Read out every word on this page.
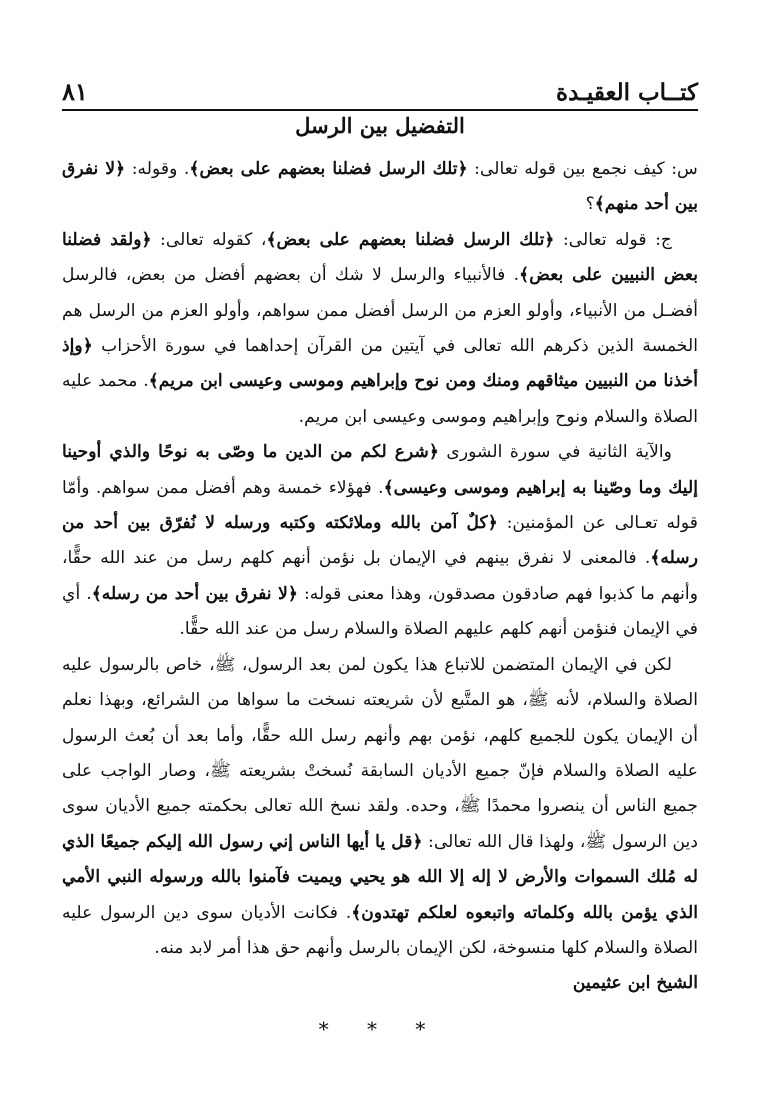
كتــاب العقيـدة
٨١
التفضيل بين الرسل

س: كيف نجمع بين قوله تعالى: ﴿تلك الرسل فضلنا بعضهم على بعض﴾. وقوله: ﴿لا نفرق بين أحد منهم﴾؟

ج: قوله تعالى: ﴿تلك الرسل فضلنا بعضهم على بعض﴾، كقوله تعالى: ﴿ولقد فضلنا بعض النبيين على بعض﴾. فالأنبياء والرسل لا شك أن بعضهم أفضل من بعض، فالرسل أفضـل من الأنبياء، وأولو العزم من الرسل أفضل ممن سواهم، وأولو العزم من الرسل هم الخمسة الذين ذكرهم الله تعالى في آيتين من القرآن إحداهما في سورة الأحزاب ﴿وإذ أخذنا من النبيين ميثاقهم ومنك ومن نوح وإبراهيم وموسى وعيسى ابن مريم﴾. محمد عليه الصلاة والسلام ونوح وإبراهيم وموسى وعيسى ابن مريم.

والآية الثانية في سورة الشورى ﴿شرع لكم من الدين ما وصّى به نوحًا والذي أوحينا إليك وما وصّينا به إبراهيم وموسى وعيسى﴾. فهؤلاء خمسة وهم أفضل ممن سواهم. وأمّا قوله تعـالى عن المؤمنين: ﴿كلٌ آمن بالله وملائكته وكتبه ورسله لا نُفرّق بين أحد من رسله﴾. فالمعنى لا نفرق بينهم في الإيمان بل نؤمن أنهم كلهم رسل من عند الله حقًّا، وأنهم ما كذبوا فهم صادقون مصدقون، وهذا معنى قوله: ﴿لا نفرق بين أحد من رسله﴾. أي في الإيمان فنؤمن أنهم كلهم عليهم الصلاة والسلام رسل من عند الله حقًّا.

لكن في الإيمان المتضمن للاتباع هذا يكون لمن بعد الرسول، ﷺ، خاص بالرسول عليه الصلاة والسلام، لأنه ﷺ، هو المتَّبع لأن شريعته نسخت ما سواها من الشرائع، وبهذا نعلم أن الإيمان يكون للجميع كلهم، نؤمن بهم وأنهم رسل الله حقًّا، وأما بعد أن بُعث الرسول عليه الصلاة والسلام فإنّ جميع الأديان السابقة نُسختْ بشريعته ﷺ، وصار الواجب على جميع الناس أن ينصروا محمدًا ﷺ، وحده. ولقد نسخ الله تعالى بحكمته جميع الأديان سوى دين الرسول ﷺ، ولهذا قال الله تعالى: ﴿قل يا أيها الناس إني رسول الله إليكم جميعًا الذي له مُلك السموات والأرض لا إله إلا الله هو يحيي ويميت فآمنوا بالله ورسوله النبي الأمي الذي يؤمن بالله وكلماته واتبعوه لعلكم تهتدون﴾. فكانت الأديان سوى دين الرسول عليه الصلاة والسلام كلها منسوخة، لكن الإيمان بالرسل وأنهم حق هذا أمر لابد منه.

الشيخ ابن عثيمين

* * *
